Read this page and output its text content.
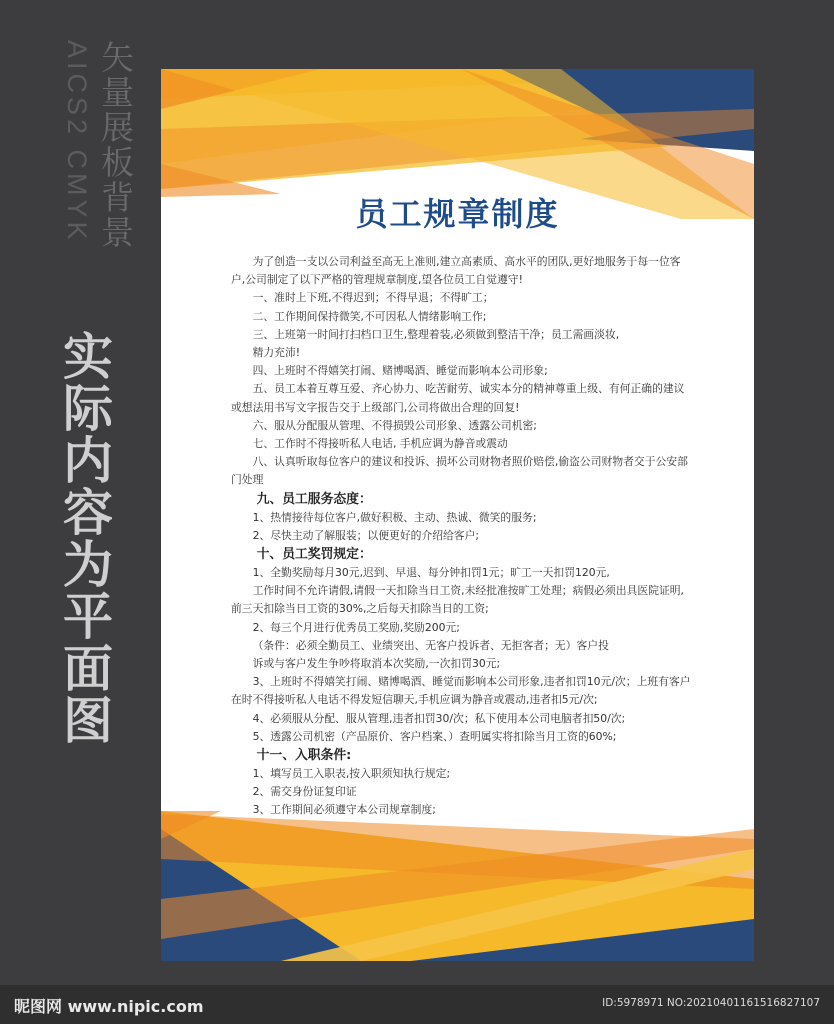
AICS2 CMYK 矢量展板背景
实际内容为平面图
员工规章制度

为了创造一支以公司利益至高无上准则,建立高素质、高水平的团队,更好地服务于每一位客户,公司制定了以下严格的管理规章制度,望各位员工自觉遵守!

一、准时上下班,不得迟到；不得早退；不得旷工；

二、工作期间保持微笑,不可因私人情绪影响工作;

三、上班第一时间打扫档口卫生,整理着装,必须做到整洁干净；员工需画淡妆,

精力充沛!

四、上班时不得嬉笑打闹、赌博喝酒、睡觉而影响本公司形象;

五、员工本着互尊互爱、齐心协力、吃苦耐劳、诚实本分的精神尊重上级、有何正确的建议或想法用书写文字报告交于上级部门,公司将做出合理的回复!

六、服从分配服从管理、不得损毁公司形象、透露公司机密;

七、工作时不得接听私人电话, 手机应调为静音或震动

八、认真听取每位客户的建议和投诉、损坏公司财物者照价赔偿,偷盗公司财物者交于公安部门处理

九、员工服务态度：

1、热情接待每位客户,做好积极、主动、热诚、微笑的服务;

2、尽快主动了解服装；以便更好的介绍给客户;

十、员工奖罚规定：

1、全勤奖励每月30元,迟到、早退、每分钟扣罚1元；旷工一天扣罚120元,

工作时间不允许请假,请假一天扣除当日工资,未经批准按旷工处理；病假必须出具医院证明,前三天扣除当日工资的30%,之后每天扣除当日的工资;

2、每三个月进行优秀员工奖励,奖励200元;

（条件：必须全勤员工、业绩突出、无客户投诉者、无拒客者；无）客户投

诉或与客户发生争吵将取消本次奖励,一次扣罚30元;

3、上班时不得嬉笑打闹、赌博喝酒、睡觉而影响本公司形象,违者扣罚10元/次；上班有客户在时不得接听私人电话不得发短信聊天,手机应调为静音或震动,违者扣5元/次;

4、必须服从分配、服从管理,违者扣罚30/次；私下使用本公司电脑者扣50/次;

5、透露公司机密（产品原价、客户档案、）查明属实将扣除当月工资的60%;

十一、入职条件:

1、填写员工入职表,按入职须知执行规定;

2、需交身份证复印证

3、工作期间必须遵守本公司规章制度;

昵图网 www.nipic.com	ID:5978971 NO:20210401161516827107
